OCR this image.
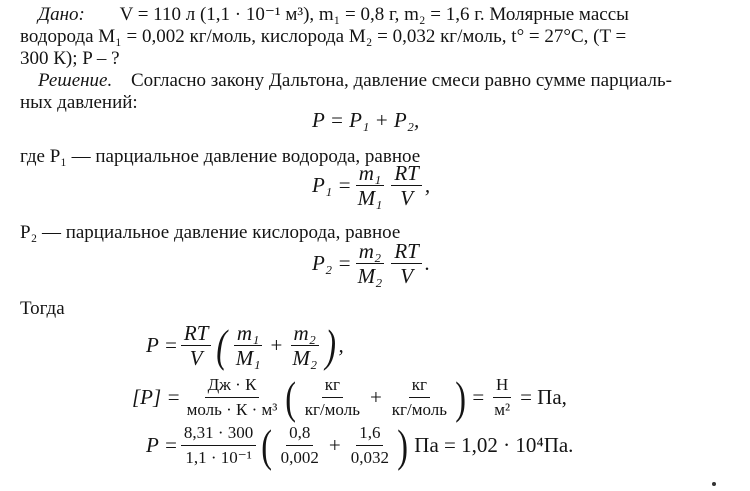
Дано: V = 110 л (1,1 · 10⁻¹ м³), m₁ = 0,8 г, m₂ = 1,6 г. Молярные массы
водорода M₁ = 0,002 кг/моль, кислорода M₂ = 0,032 кг/моль, t° = 27°C, (T =
300 К); P – ?
Решение. Согласно закону Дальтона, давление смеси равно сумме парциаль-
ных давлений:
P = P₁ + P₂,
где P₁ — парциальное давление водорода, равное
$P_1 = \frac{\text{m₁}}{\text{M₁}} \frac{RT}{V}$ ,
P₂ — парциальное давление кислорода, равное
$P_2 = \frac{\text{m₂}}{\text{M₂}} \frac{RT}{V}$ .
Тогда
$P = \frac{RT}{V}$ ( $\frac{\text{m₁}}{\text{M₁}} + \frac{\text{m₂}}{\text{M₂}}$ ) ,
$[P] = \frac{Дж \cdot К}{\text{моль · К · м³}}$ ( $\frac{кг}{\text{кг/моль}} + \frac{кг}{\text{кг/моль}}$ ) = $\frac{Н}{\text{м²}}$ = Па,
$P = \frac{8,31 \cdot 300}{\text{1,1 · 10⁻¹}}$ ( $\frac{0,8}{0,002} + \frac{1,6}{0,032}$ ) Па = 1,02 · 10⁴Па.
